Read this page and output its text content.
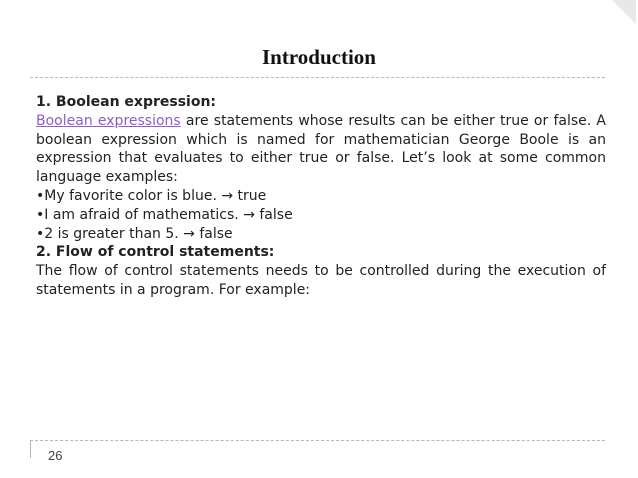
Introduction
1. Boolean expression:
Boolean expressions are statements whose results can be either true or false. A boolean expression which is named for mathematician George Boole is an expression that evaluates to either true or false. Let’s look at some common language examples:
•My favorite color is blue. → true
•I am afraid of mathematics. → false
•2 is greater than 5. → false
2. Flow of control statements:
The flow of control statements needs to be controlled during the execution of statements in a program. For example:
26
